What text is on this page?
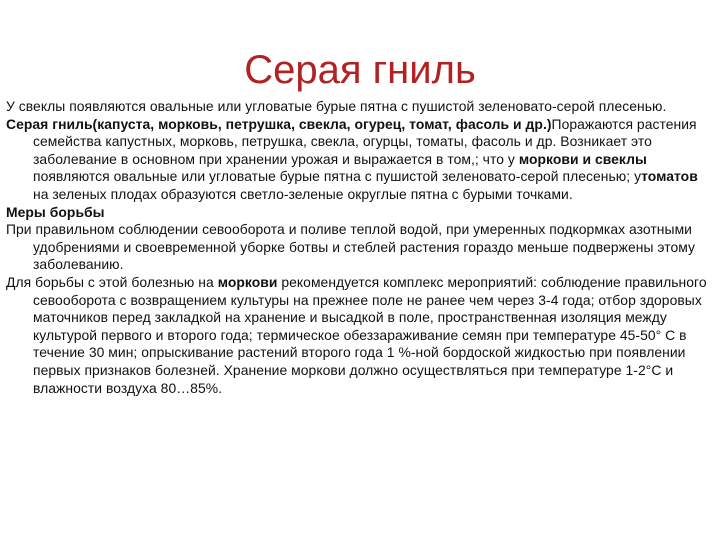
Серая гниль

У свеклы появляются овальные или угловатые бурые пятна с пушистой зеленовато-серой плесенью.

Серая гниль(капуста, морковь, петрушка, свекла, огурец, томат, фасоль и др.)Поражаются растения семейства капустных, морковь, петрушка, свекла, огурцы, томаты, фасоль и др. Возникает это заболевание в основном при хранении урожая и выражается в том,; что у моркови и свеклы появляются овальные или угловатые бурые пятна с пушистой зеленовато-серой плесенью; утоматов на зеленых плодах образуются светло-зеленые округлые пятна с бурыми точками.

Меры борьбы

При правильном соблюдении севооборота и поливе теплой водой, при умеренных подкормках азотными удобрениями и своевременной уборке ботвы и стеблей растения гораздо меньше подвержены этому заболеванию.

Для борьбы с этой болезнью на моркови рекомендуется комплекс мероприятий: соблюдение правильного севооборота с возвращением культуры на прежнее поле не ранее чем через 3-4 года; отбор здоровых маточников перед закладкой на хранение и высадкой в поле, пространственная изоляция между культурой первого и второго года; термическое обеззараживание семян при температуре 45-50° С в течение 30 мин; опрыскивание растений второго года 1 %-ной бордоской жидкостью при появлении первых признаков болезней. Хранение моркови должно осуществляться при температуре 1-2°С и влажности воздуха 80…85%.
